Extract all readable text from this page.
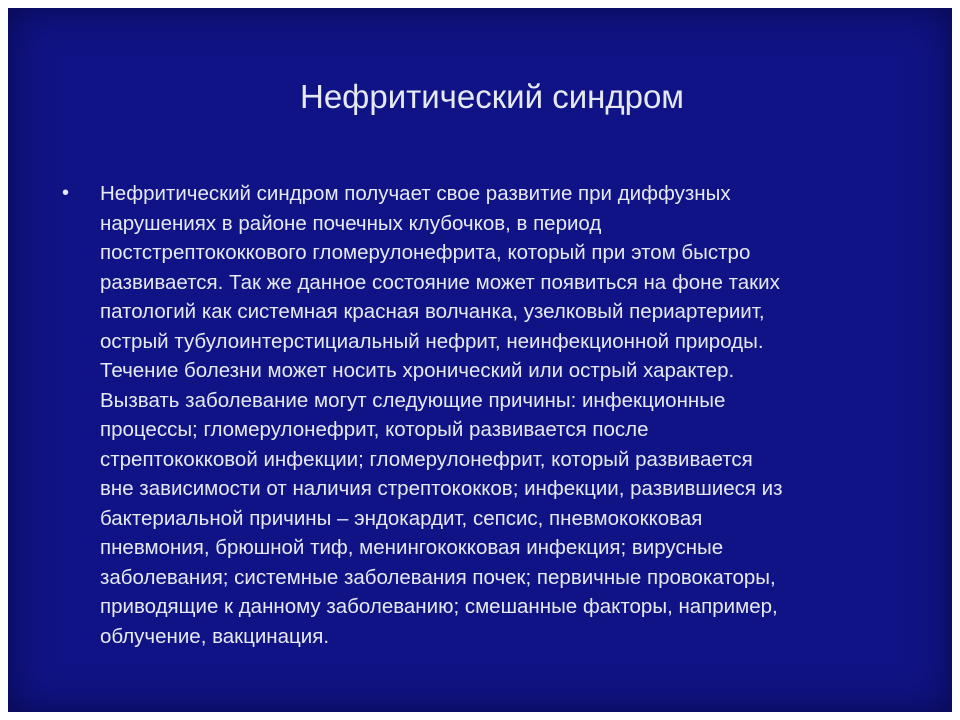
Нефритический синдром
• Нефритический синдром получает свое развитие при диффузных
нарушениях в районе почечных клубочков, в период
постстрептококкового гломерулонефрита, который при этом быстро
развивается. Так же данное состояние может появиться на фоне таких
патологий как системная красная волчанка, узелковый периартериит,
острый тубулоинтерстициальный нефрит, неинфекционной природы.
Течение болезни может носить хронический или острый характер.
Вызвать заболевание могут следующие причины: инфекционные
процессы; гломерулонефрит, который развивается после
стрептококковой инфекции; гломерулонефрит, который развивается
вне зависимости от наличия стрептококков; инфекции, развившиеся из
бактериальной причины – эндокардит, сепсис, пневмококковая
пневмония, брюшной тиф, менингококковая инфекция; вирусные
заболевания; системные заболевания почек; первичные провокаторы,
приводящие к данному заболеванию; смешанные факторы, например,
облучение, вакцинация.
